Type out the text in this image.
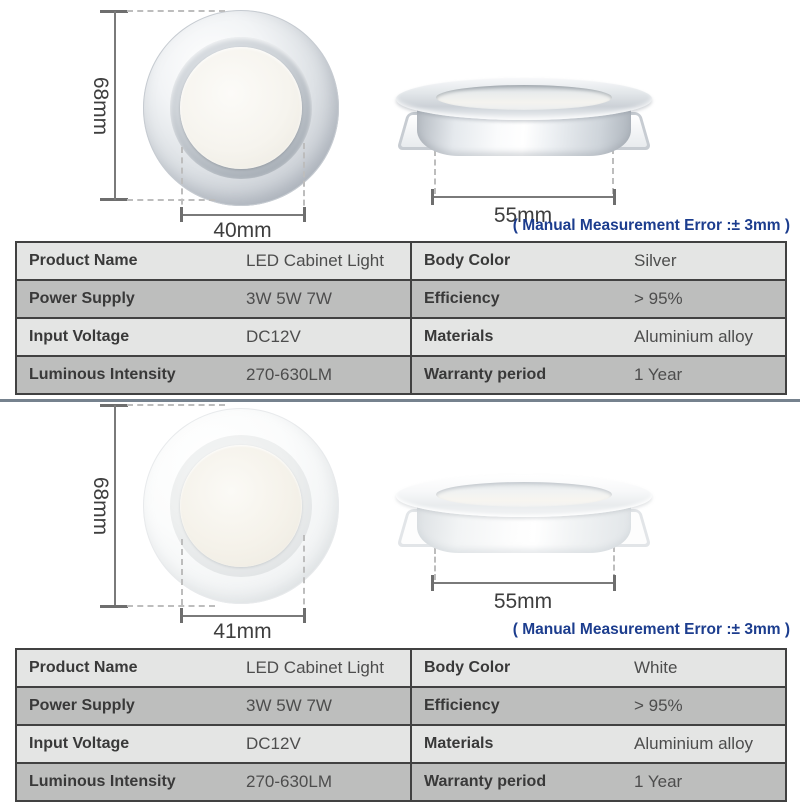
68mm
40mm
55mm
( Manual Measurement Error :± 3mm )
Product Name	LED Cabinet Light	Body Color	Silver
Power Supply	3W 5W 7W	Efficiency	> 95%
Input Voltage	DC12V	Materials	Aluminium alloy
Luminous Intensity	270-630LM	Warranty period	1 Year
68mm
41mm
55mm
( Manual Measurement Error :± 3mm )
Product Name	LED Cabinet Light	Body Color	White
Power Supply	3W 5W 7W	Efficiency	> 95%
Input Voltage	DC12V	Materials	Aluminium alloy
Luminous Intensity	270-630LM	Warranty period	1 Year
